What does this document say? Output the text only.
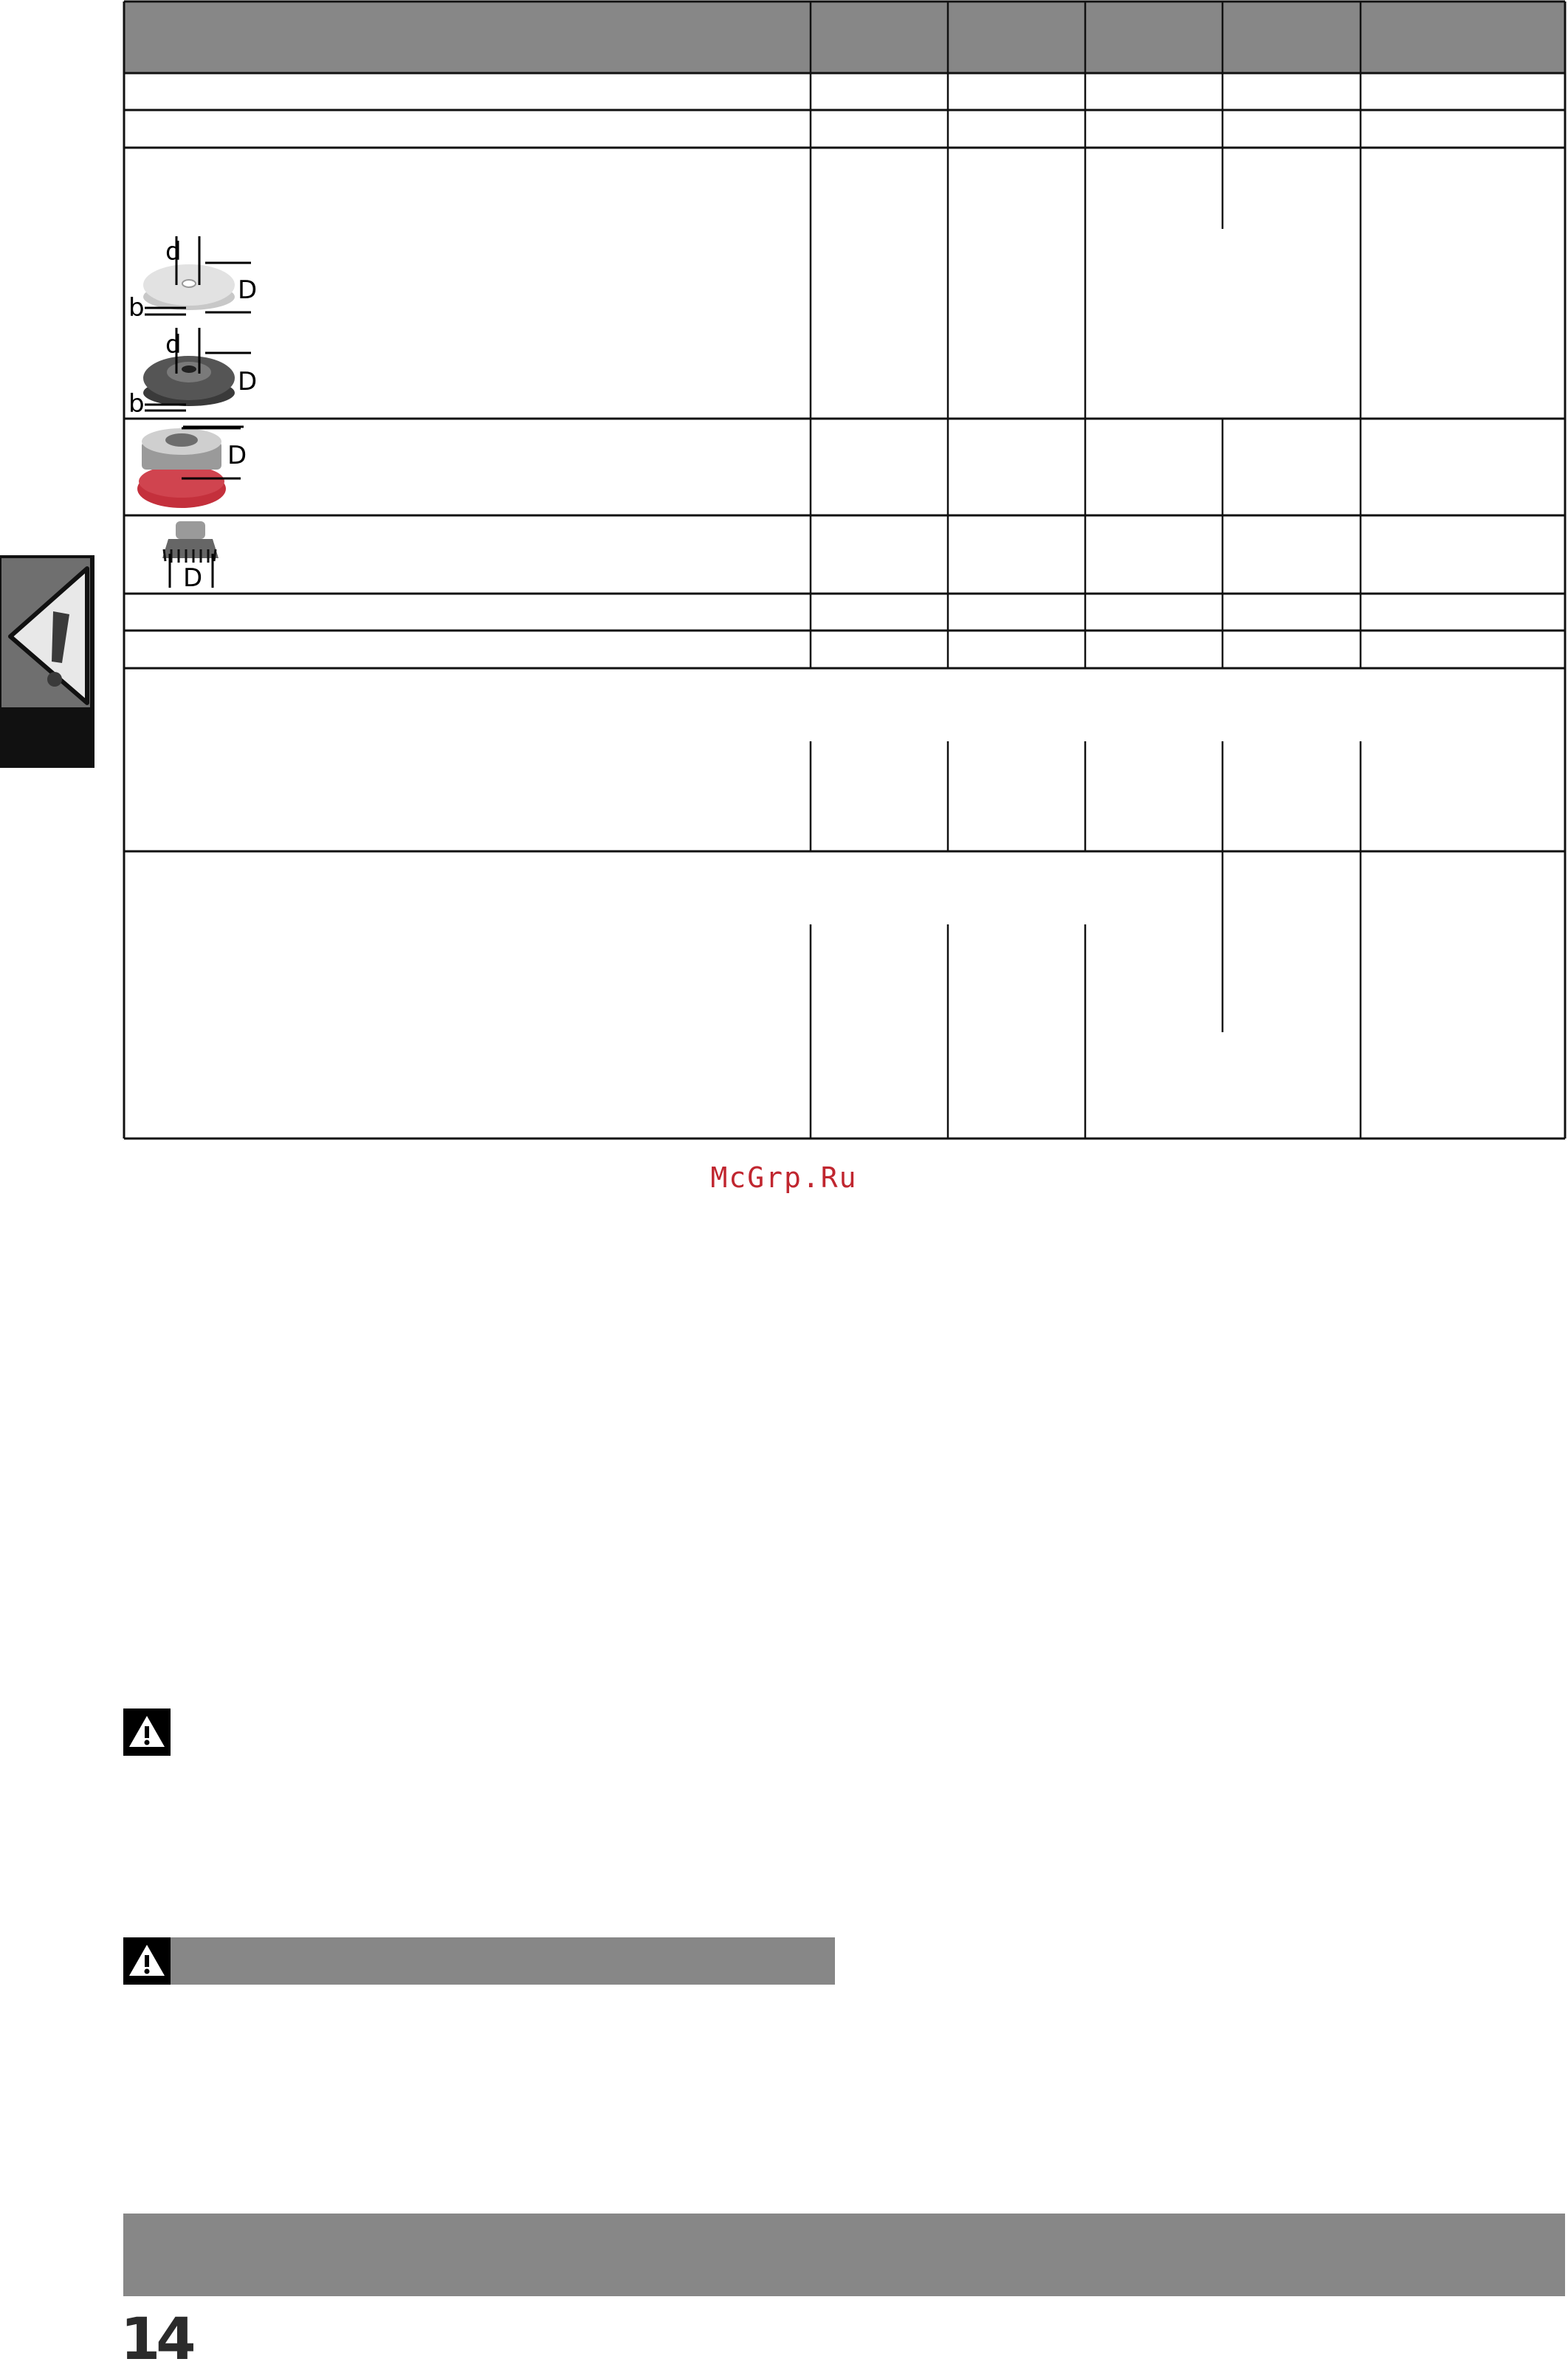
d
D
b
d
D
b
D
D
McGrp.Ru

14
